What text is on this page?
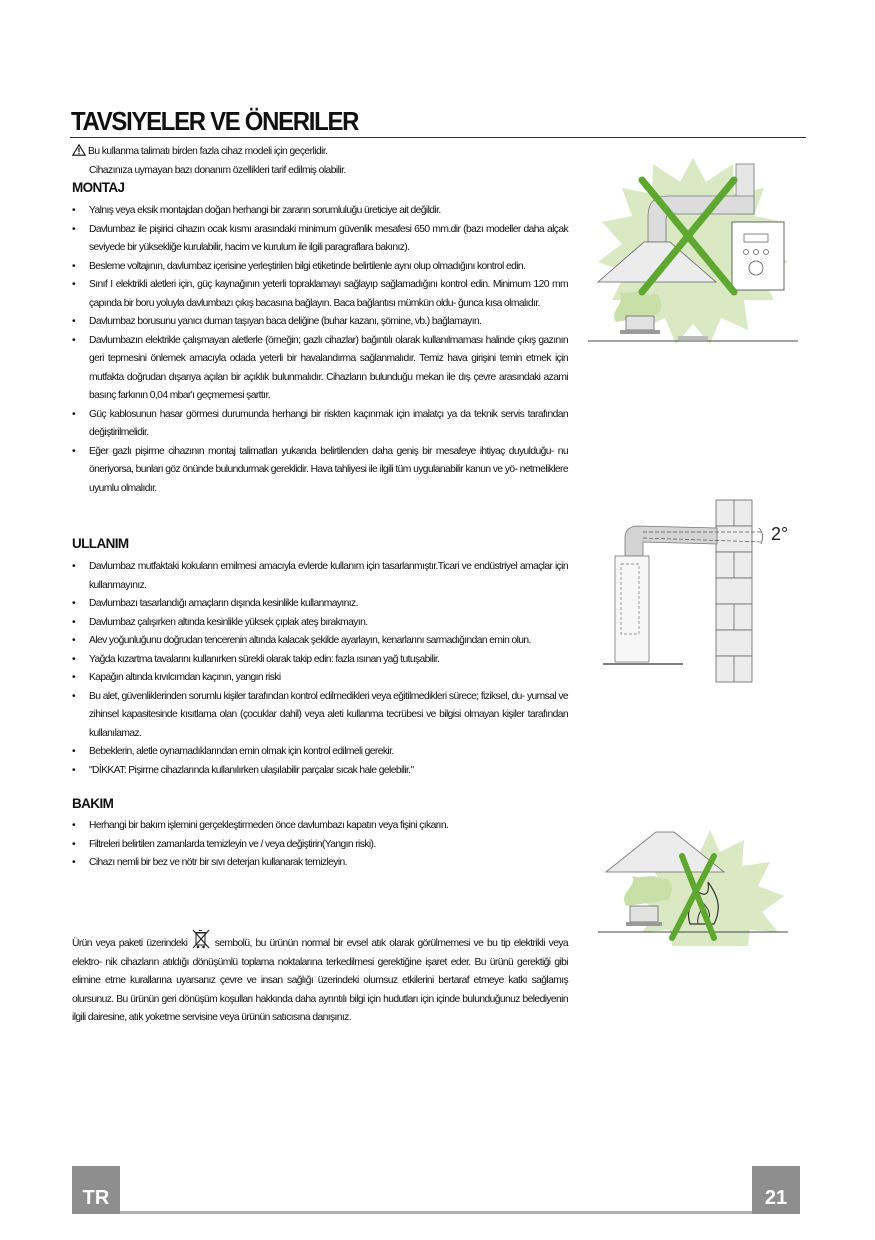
TAVSIYELER VE ÖNERILER
Bu kullanma talimatı birden fazla cihaz modeli için geçerlidir.
Cihazınıza uymayan bazı donanım özellikleri tarif edilmiş olabilir.
MONTAJ
• Yalnış veya eksik montajdan doğan herhangi bir zararın sorumluluğu üreticiye ait değildir.
• Davlumbaz ile pişirici cihazın ocak kısmı arasındaki minimum güvenlik mesafesi 650 mm.dir (bazı modeller daha alçak seviyede bir yüksekliğe kurulabilir, hacim ve kurulum ile ilgili paragraflara bakınız).
• Besleme voltajının, davlumbaz içerisine yerleştirilen bilgi etiketinde belirtilenle aynı olup olmadığını kontrol edin.
• Sınıf I elektrikli aletleri için, güç kaynağının yeterli topraklamayı sağlayıp sağlamadığını kontrol edin. Minimum 120 mm çapında bir boru yoluyla davlumbazı çıkış bacasına bağlayın. Baca bağlantısı mümkün oldu- ğunca kısa olmalıdır.
• Davlumbaz borusunu yanıcı duman taşıyan baca deliğine (buhar kazanı, şömine, vb.) bağlamayın.
• Davlumbazın elektrikle çalışmayan aletlerle (örneğin; gazlı cihazlar) bağıntılı olarak kullanılmaması halinde çıkış gazının geri tepmesini önlemek amacıyla odada yeterli bir havalandırma sağlanmalıdır. Temiz hava girişini temin etmek için mutfakta doğrudan dışarıya açılan bir açıklık bulunmalıdır. Cihazların bulunduğu mekan ile dış çevre arasındaki azami basınç farkının 0,04 mbar'ı geçmemesi şarttır.
• Güç kablosunun hasar görmesi durumunda herhangi bir riskten kaçınmak için imalatçı ya da teknik servis tarafından değiştirilmelidir.
• Eğer gazlı pişirme cihazının montaj talimatları yukarıda belirtilenden daha geniş bir mesafeye ihtiyaç duyulduğu- nu öneriyorsa, bunları göz önünde bulundurmak gereklidir. Hava tahliyesi ile ilgili tüm uygulanabilir kanun ve yö- netmeliklere uyumlu olmalıdır.
ULLANIM
• Davlumbaz mutfaktaki kokuların emilmesi amacıyla evlerde kullanım için tasarlanmıştır.Ticari ve endüstriyel amaçlar için kullanmayınız.
• Davlumbazı tasarlandığı amaçların dışında kesinlikle kullanmayınız.
• Davlumbaz çalışırken altında kesinlikle yüksek çıplak ateş bırakmayın.
• Alev yoğunluğunu doğrudan tencerenin altında kalacak şekilde ayarlayın, kenarlarını sarmadığından emin olun.
• Yağda kızartma tavalarını kullanırken sürekli olarak takip edin: fazla ısınan yağ tutuşabilir.
• Kapağın altında kıvılcımdan kaçının, yangın riski
• Bu alet, güvenliklerinden sorumlu kişiler tarafından kontrol edilmedikleri veya eğitilmedikleri sürece; fiziksel, du- yumsal ve zihinsel kapasitesinde kısıtlama olan (çocuklar dahil) veya aleti kullanma tecrübesi ve bilgisi olmayan kişiler tarafından kullanılamaz.
• Bebeklerin, aletle oynamadıklarından emin olmak için kontrol edilmeli gerekir.
• "DİKKAT: Pişirme cihazlarında kullanılırken ulaşılabilir parçalar sıcak hale gelebilir."
BAKIM
• Herhangi bir bakım işlemini gerçekleştirmeden önce davlumbazı kapatın veya fişini çıkarın.
• Filtreleri belirtilen zamanlarda temizleyin ve / veya değiştirin(Yangın riski).
• Cihazı nemli bir bez ve nötr bir sıvı deterjan kullanarak temizleyin.
Ürün veya paketi üzerindeki	sembolü, bu ürünün normal bir evsel atık olarak görülmemesi ve bu tip elektrikli veya elektro- nik cihazların atıldığı dönüşümlü toplama noktalarına terkedilmesi gerektiğine işaret eder. Bu ürünü gerektiği gibi elimine etme kurallarına uyarsanız çevre ve insan sağlığı üzerindeki olumsuz etkilerini bertaraf etmeye katkı sağlamış olursunuz. Bu ürünün geri dönüşüm koşulları hakkında daha ayrıntılı bilgi için hudutları için içinde bulunduğunuz belediyenin ilgili dairesine, atık yoketme servisine veya ürünün satıcısına danışınız.
2°
TR	21
